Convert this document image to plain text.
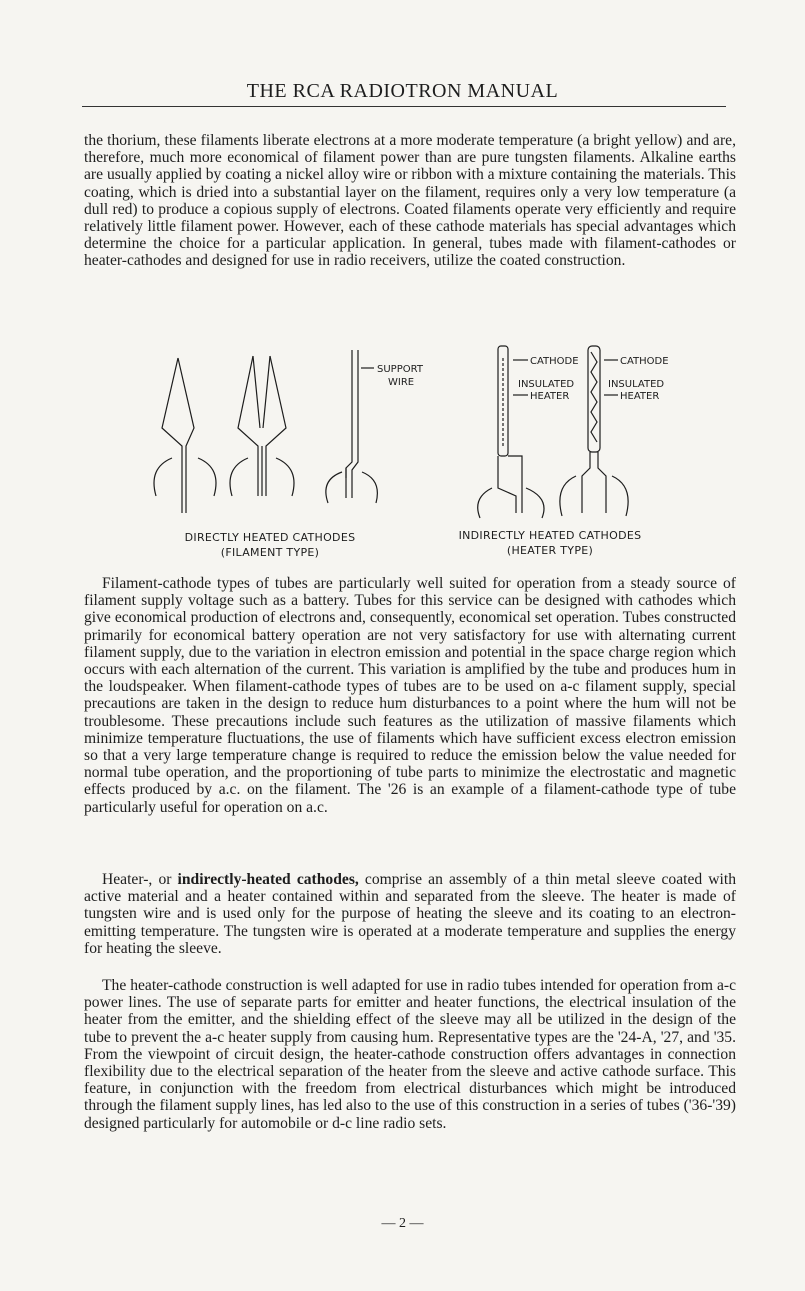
THE RCA RADIOTRON MANUAL

the thorium, these filaments liberate electrons at a more moderate temperature (a bright yellow) and are, therefore, much more economical of filament power than are pure tungsten filaments. Alkaline earths are usually applied by coating a nickel alloy wire or ribbon with a mixture containing the materials. This coating, which is dried into a substantial layer on the filament, requires only a very low temperature (a dull red) to produce a copious supply of electrons. Coated filaments operate very efficiently and require relatively little filament power. However, each of these cathode materials has special advantages which determine the choice for a particular application. In general, tubes made with filament-cathodes or heater-cathodes and designed for use in radio receivers, utilize the coated construction.

SUPPORT
WIRE
CATHODE
INSULATED
HEATER
CATHODE
INSULATED
HEATER
DIRECTLY HEATED CATHODES
(FILAMENT TYPE)
INDIRECTLY HEATED CATHODES
(HEATER TYPE)

Filament-cathode types of tubes are particularly well suited for operation from a steady source of filament supply voltage such as a battery. Tubes for this service can be designed with cathodes which give economical production of electrons and, consequently, economical set operation. Tubes constructed primarily for economical battery operation are not very satisfactory for use with alternating current filament supply, due to the variation in electron emission and potential in the space charge region which occurs with each alternation of the current. This variation is amplified by the tube and produces hum in the loudspeaker. When filament-cathode types of tubes are to be used on a-c filament supply, special precautions are taken in the design to reduce hum disturbances to a point where the hum will not be troublesome. These precautions include such features as the utilization of massive filaments which minimize temperature fluctuations, the use of filaments which have sufficient excess electron emission so that a very large temperature change is required to reduce the emission below the value needed for normal tube operation, and the proportioning of tube parts to minimize the electrostatic and magnetic effects produced by a.c. on the filament. The '26 is an example of a filament-cathode type of tube particularly useful for operation on a.c.

Heater-, or indirectly-heated cathodes, comprise an assembly of a thin metal sleeve coated with active material and a heater contained within and separated from the sleeve. The heater is made of tungsten wire and is used only for the purpose of heating the sleeve and its coating to an electron-emitting temperature. The tungsten wire is operated at a moderate temperature and supplies the energy for heating the sleeve.

The heater-cathode construction is well adapted for use in radio tubes intended for operation from a-c power lines. The use of separate parts for emitter and heater functions, the electrical insulation of the heater from the emitter, and the shielding effect of the sleeve may all be utilized in the design of the tube to prevent the a-c heater supply from causing hum. Representative types are the '24-A, '27, and '35. From the viewpoint of circuit design, the heater-cathode construction offers advantages in connection flexibility due to the electrical separation of the heater from the sleeve and active cathode surface. This feature, in conjunction with the freedom from electrical disturbances which might be introduced through the filament supply lines, has led also to the use of this construction in a series of tubes ('36-'39) designed particularly for automobile or d-c line radio sets.

— 2 —
